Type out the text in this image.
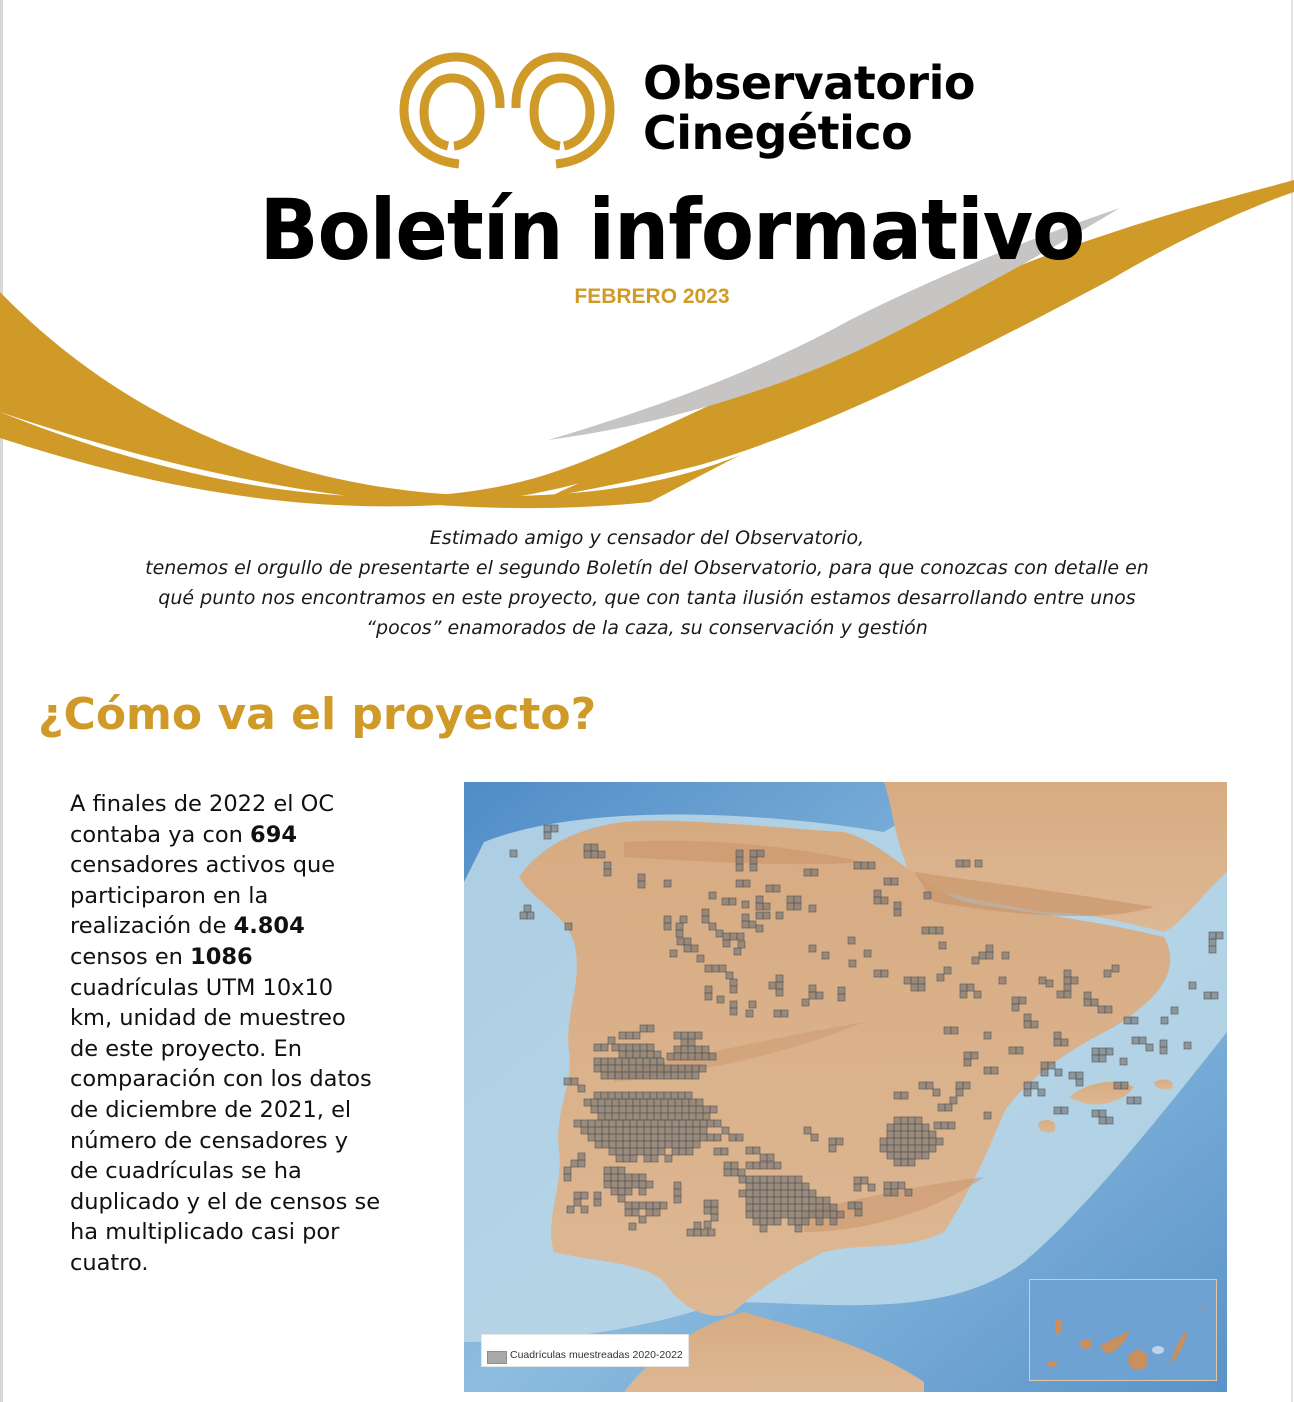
Observatorio
Cinegético
Boletín informativo
FEBRERO 2023
Estimado amigo y censador del Observatorio,
tenemos el orgullo de presentarte el segundo Boletín del Observatorio, para que conozcas con detalle en
qué punto nos encontramos en este proyecto, que con tanta ilusión estamos desarrollando entre unos
“pocos” enamorados de la caza, su conservación y gestión
¿Cómo va el proyecto?
A finales de 2022 el OC
contaba ya con 694
censadores activos que
participaron en la
realización de 4.804
censos en 1086
cuadrículas UTM 10x10
km, unidad de muestreo
de este proyecto. En
comparación con los datos
de diciembre de 2021, el
número de censadores y
de cuadrículas se ha
duplicado y el de censos se
ha multiplicado casi por
cuatro.
Cuadrículas muestreadas 2020-2022
